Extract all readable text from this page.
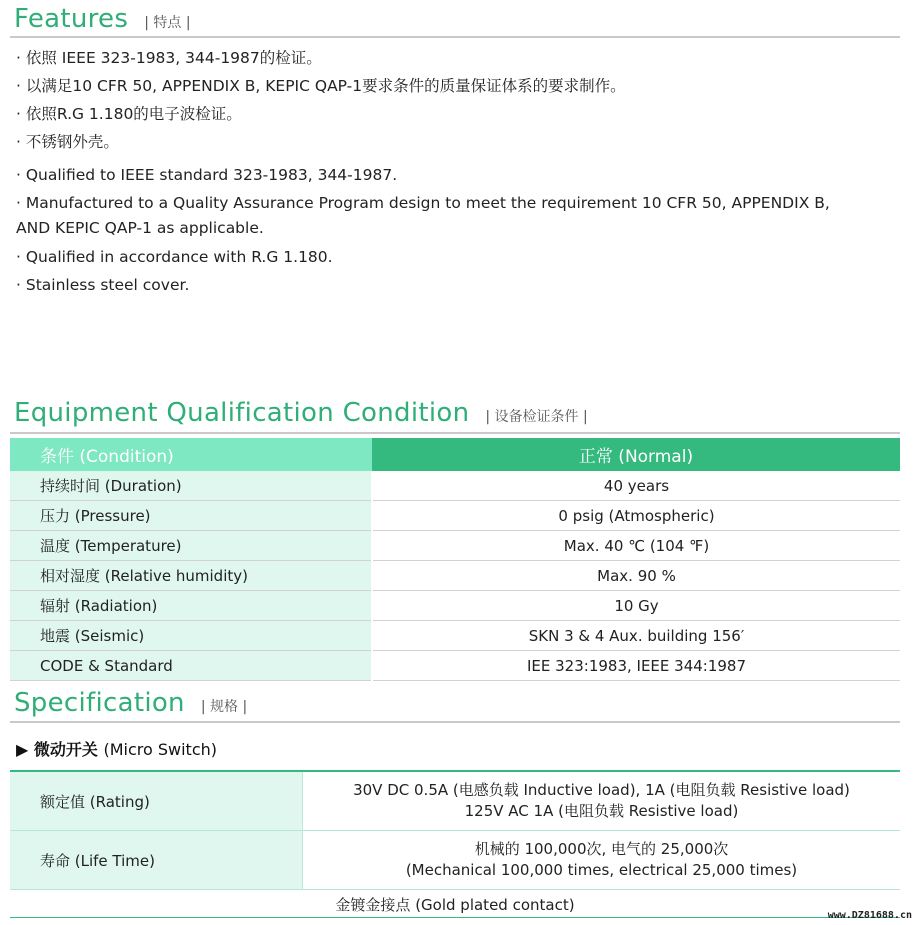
Features | 特点 |
· 依照 IEEE 323-1983, 344-1987的检证。
· 以满足10 CFR 50, APPENDIX B, KEPIC QAP-1要求条件的质量保证体系的要求制作。
· 依照R.G 1.180的电子波检证。
· 不锈钢外壳。
· Qualified to IEEE standard 323-1983, 344-1987.
· Manufactured to a Quality Assurance Program design to meet the requirement 10 CFR 50, APPENDIX B, AND KEPIC QAP-1 as applicable.
· Qualified in accordance with R.G 1.180.
· Stainless steel cover.
Equipment Qualification Condition | 设备检证条件 |
条件 (Condition)	正常 (Normal)
持续时间 (Duration)	40 years
压力 (Pressure)	0 psig (Atmospheric)
温度 (Temperature)	Max. 40 ℃ (104 ℉)
相对湿度 (Relative humidity)	Max. 90 %
辐射 (Radiation)	10 Gy
地震 (Seismic)	SKN 3 & 4 Aux. building 156′
CODE & Standard	IEE 323:1983, IEEE 344:1987
Specification | 规格 |
▶ 微动开关 (Micro Switch)
额定值 (Rating)	30V DC 0.5A (电感负载 Inductive load), 1A (电阻负载 Resistive load)
125V AC 1A (电阻负载 Resistive load)

寿命 (Life Time)	机械的 100,000次, 电气的 25,000次
(Mechanical 100,000 times, electrical 25,000 times)
金镀金接点 (Gold plated contact)
www.DZ81688.cn
